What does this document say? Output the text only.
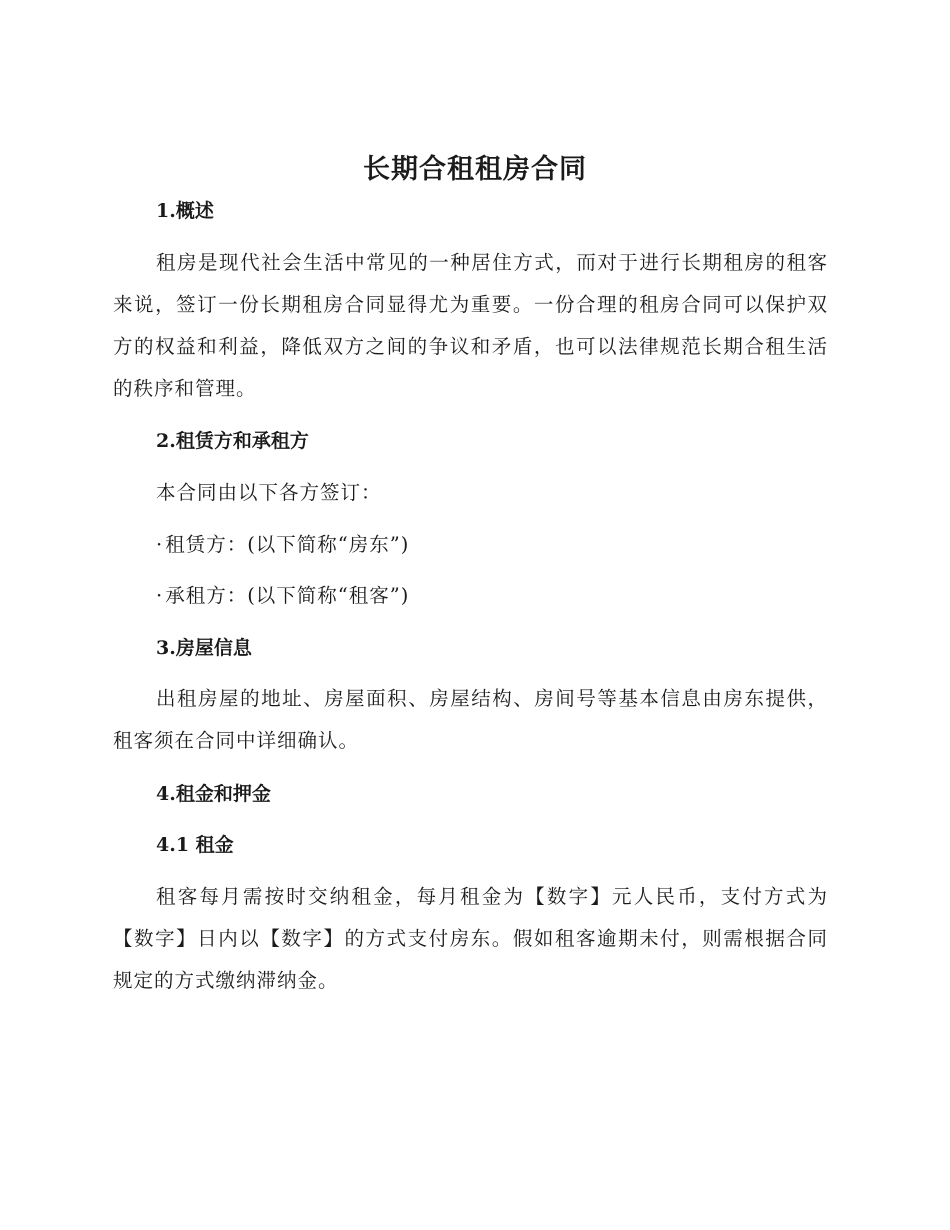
长期合租租房合同
1.概述

租房是现代社会生活中常见的一种居住方式，而对于进行长期租房的租客来说，签订一份长期租房合同显得尤为重要。一份合理的租房合同可以保护双方的权益和利益，降低双方之间的争议和矛盾，也可以法律规范长期合租生活的秩序和管理。

2.租赁方和承租方

本合同由以下各方签订：

· 租赁方：(以下简称“房东”)

· 承租方：(以下简称“租客”)

3.房屋信息

出租房屋的地址、房屋面积、房屋结构、房间号等基本信息由房东提供，租客须在合同中详细确认。

4.租金和押金
4.1 租金

租客每月需按时交纳租金，每月租金为【数字】元人民币，支付方式为【数字】日内以【数字】的方式支付房东。假如租客逾期未付，则需根据合同规定的方式缴纳滞纳金。
